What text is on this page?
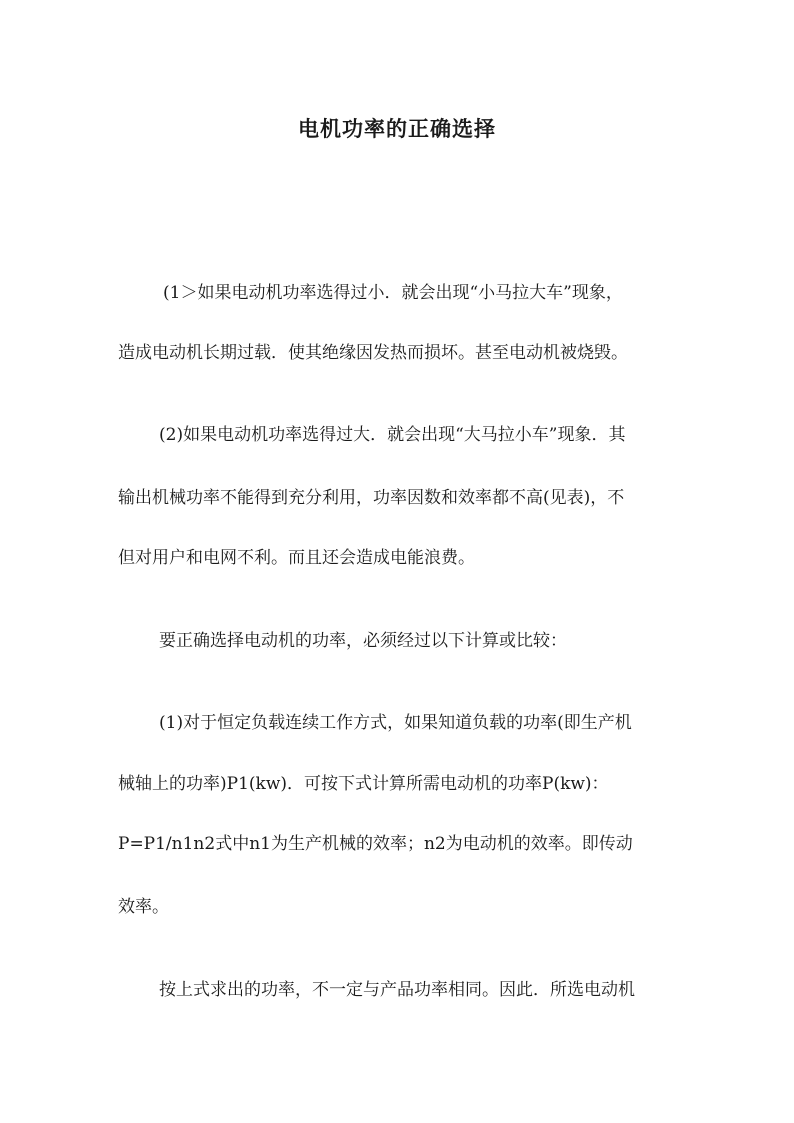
电机功率的正确选择
(1＞如果电动机功率选得过小．就会出现“小马拉大车”现象，
造成电动机长期过载．使其绝缘因发热而损坏。甚至电动机被烧毁。
(2)如果电动机功率选得过大．就会出现“大马拉小车”现象．其
输出机械功率不能得到充分利用，功率因数和效率都不高(见表)，不
但对用户和电网不利。而且还会造成电能浪费。
要正确选择电动机的功率，必须经过以下计算或比较：
(1)对于恒定负载连续工作方式，如果知道负载的功率(即生产机
械轴上的功率)P1(kw)．可按下式计算所需电动机的功率P(kw)：
P=P1/n1n2式中n1为生产机械的效率；n2为电动机的效率。即传动
效率。
按上式求出的功率，不一定与产品功率相同。因此．所选电动机
